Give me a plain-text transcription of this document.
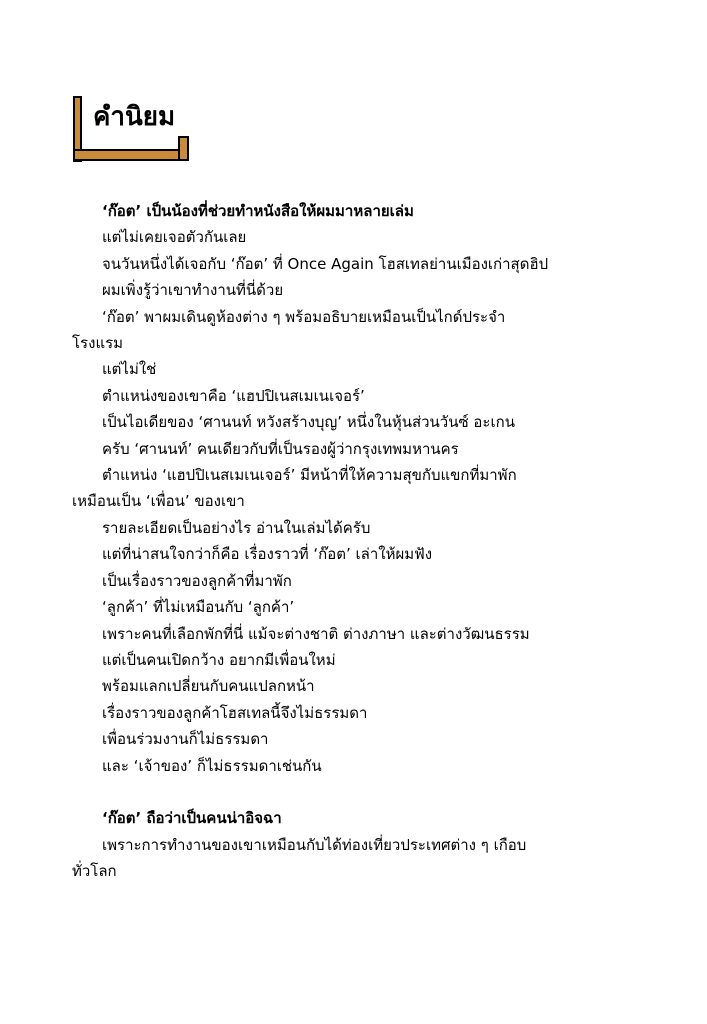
คำนิยม
‘ก๊อต’ เป็นน้องที่ช่วยทำหนังสือให้ผมมาหลายเล่ม
แต่ไม่เคยเจอตัวกันเลย
จนวันหนึ่งได้เจอกับ ‘ก๊อต’ ที่ Once Again โฮสเทลย่านเมืองเก่าสุดฮิป
ผมเพิ่งรู้ว่าเขาทำงานที่นี่ด้วย
‘ก๊อต’ พาผมเดินดูห้องต่าง ๆ พร้อมอธิบายเหมือนเป็นไกด์ประจำ
โรงแรม
แต่ไม่ใช่
ตำแหน่งของเขาคือ ‘แฮปปิเนสเมเนเจอร์’
เป็นไอเดียของ ‘ศานนท์ หวังสร้างบุญ’ หนึ่งในหุ้นส่วนวันซ์ อะเกน
ครับ ‘ศานนท์’ คนเดียวกับที่เป็นรองผู้ว่ากรุงเทพมหานคร
ตำแหน่ง ‘แฮปปิเนสเมเนเจอร์’ มีหน้าที่ให้ความสุขกับแขกที่มาพัก
เหมือนเป็น ‘เพื่อน’ ของเขา
รายละเอียดเป็นอย่างไร อ่านในเล่มได้ครับ
แต่ที่น่าสนใจกว่าก็คือ เรื่องราวที่ ‘ก๊อต’ เล่าให้ผมฟัง
เป็นเรื่องราวของลูกค้าที่มาพัก
‘ลูกค้า’ ที่ไม่เหมือนกับ ‘ลูกค้า’
เพราะคนที่เลือกพักที่นี่ แม้จะต่างชาติ ต่างภาษา และต่างวัฒนธรรม
แต่เป็นคนเปิดกว้าง อยากมีเพื่อนใหม่
พร้อมแลกเปลี่ยนกับคนแปลกหน้า
เรื่องราวของลูกค้าโฮสเทลนี้จึงไม่ธรรมดา
เพื่อนร่วมงานก็ไม่ธรรมดา
และ ‘เจ้าของ’ ก็ไม่ธรรมดาเช่นกัน
‘ก๊อต’ ถือว่าเป็นคนน่าอิจฉา
เพราะการทำงานของเขาเหมือนกับได้ท่องเที่ยวประเทศต่าง ๆ เกือบ
ทั่วโลก
